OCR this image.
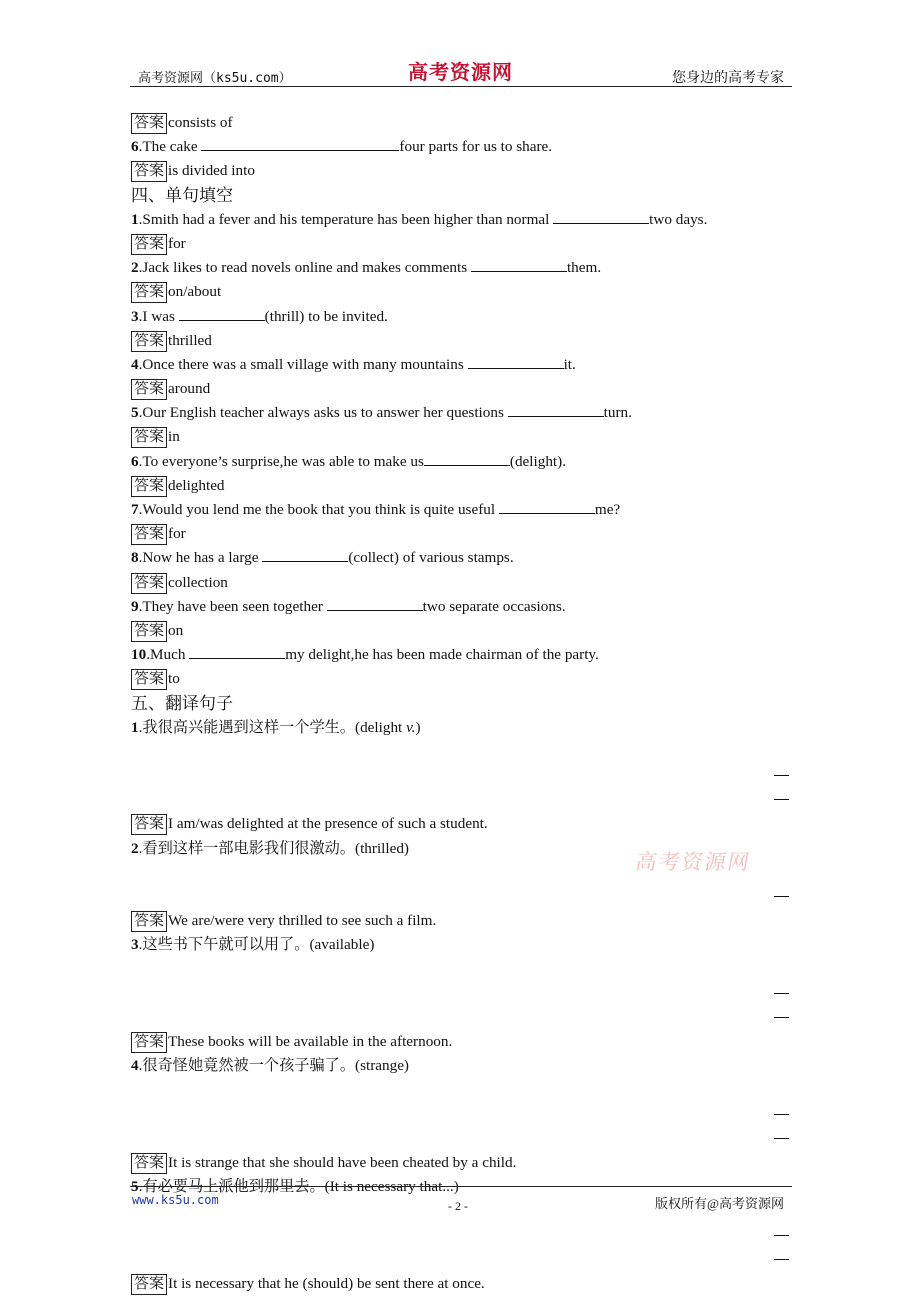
高考资源网（ks5u.com）	高考资源网	您身边的高考专家
答案 consists of
6.The cake	four parts for us to share.
答案 is divided into
四、单句填空
1.Smith had a fever and his temperature has been higher than normal	two days.
答案 for
2.Jack likes to read novels online and makes comments	them.
答案 on/about
3.I was	(thrill) to be invited.
答案 thrilled
4.Once there was a small village with many mountains	it.
答案 around
5.Our English teacher always asks us to answer her questions	turn.
答案 in
6.To everyone’s surprise,he was able to make us	(delight).
答案 delighted
7.Would you lend me the book that you think is quite useful	me?
答案 for
8.Now he has a large	(collect) of various stamps.
答案 collection
9.They have been seen together	two separate occasions.
答案 on
10.Much	my delight,he has been made chairman of the party.
答案 to
五、翻译句子
1.我很高兴能遇到这样一个学生。(delight v.)
答案 I am/was delighted at the presence of such a student.
2.看到这样一部电影我们很激动。(thrilled)
答案 We are/were very thrilled to see such a film.
3.这些书下午就可以用了。(available)
答案 These books will be available in the afternoon.
4.很奇怪她竟然被一个孩子骗了。(strange)
答案 It is strange that she should have been cheated by a child.
5.有必要马上派他到那里去。(It is necessary that...)
答案 It is necessary that he (should) be sent there at once.
高考资源网
www.ks5u.com	- 2 -	版权所有@高考资源网
